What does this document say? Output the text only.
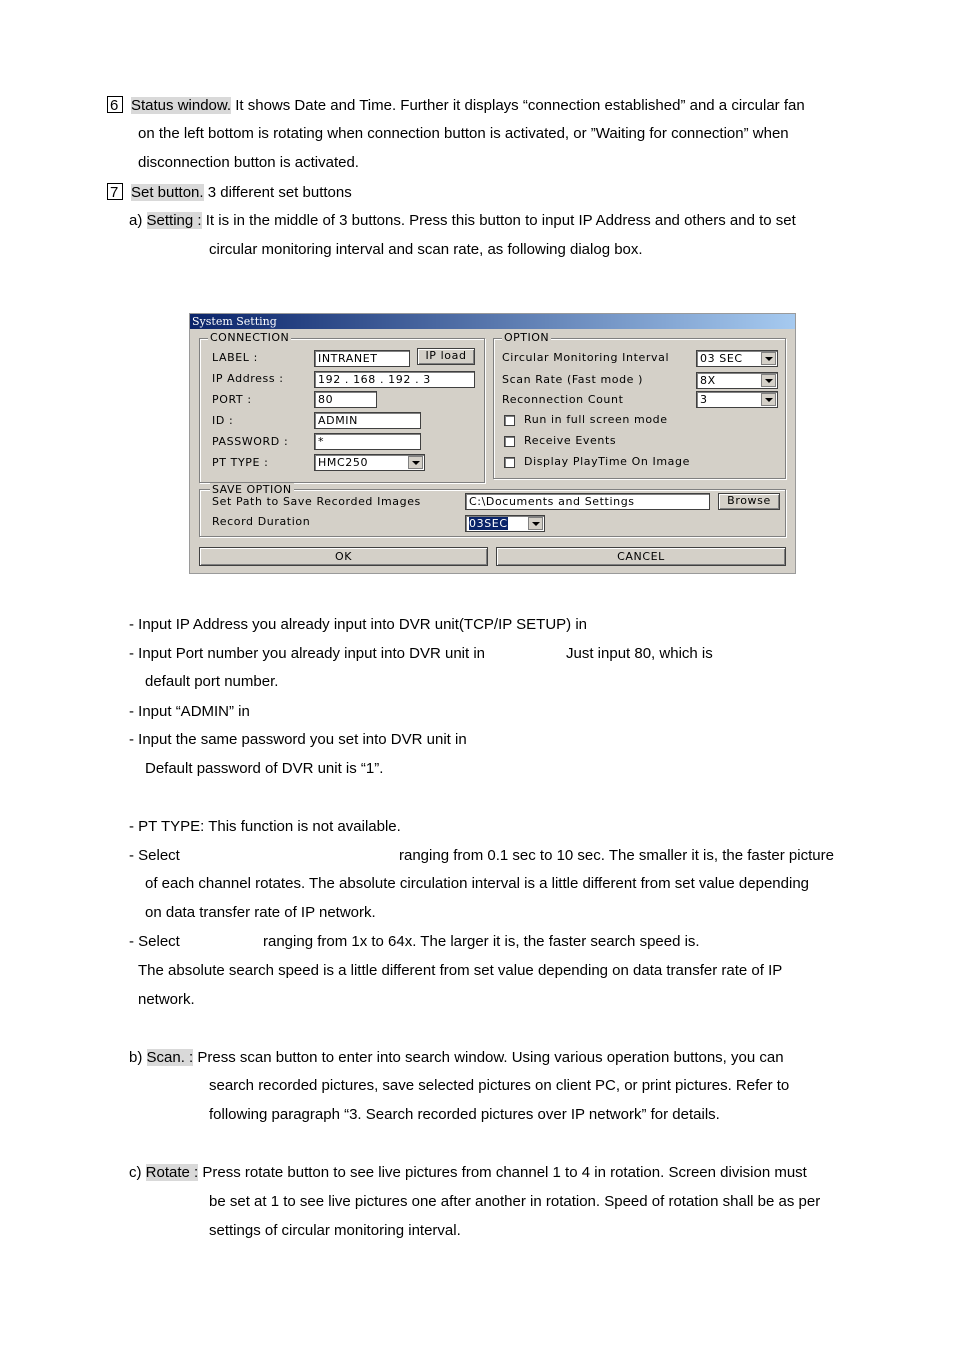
6 Status window. It shows Date and Time. Further it displays “connection established” and a circular fan
on the left bottom is rotating when connection button is activated, or ”Waiting for connection” when
disconnection button is activated.
7 Set button. 3 different set buttons
a) Setting : It is in the middle of 3 buttons. Press this button to input IP Address and others and to set
circular monitoring interval and scan rate, as following dialog box.
System Setting
CONNECTION
LABEL :	INTRANET	IP load
IP Address :	192 . 168 . 192 . 3
PORT :	80
ID :	ADMIN
PASSWORD :	*
PT TYPE :	HMC250
OPTION
Circular Monitoring Interval	03 SEC
Scan Rate (Fast mode )	8X
Reconnection Count	3
Run in full screen mode
Receive Events
Display PlayTime On Image
SAVE OPTION
Set Path to Save Recorded Images	C:\Documents and Settings	Browse
Record Duration	03SEC
OK	CANCEL
- Input IP Address you already input into DVR unit(TCP/IP SETUP) in
- Input Port number you already input into DVR unit in	Just input 80, which is
default port number.
- Input “ADMIN” in
- Input the same password you set into DVR unit in
Default password of DVR unit is “1”.
- PT TYPE: This function is not available.
- Select	ranging from 0.1 sec to 10 sec. The smaller it is, the faster picture
of each channel rotates. The absolute circulation interval is a little different from set value depending
on data transfer rate of IP network.
- Select	ranging from 1x to 64x. The larger it is, the faster search speed is.
The absolute search speed is a little different from set value depending on data transfer rate of IP
network.
b) Scan. : Press scan button to enter into search window. Using various operation buttons, you can
search recorded pictures, save selected pictures on client PC, or print pictures. Refer to
following paragraph “3. Search recorded pictures over IP network” for details.
c) Rotate : Press rotate button to see live pictures from channel 1 to 4 in rotation. Screen division must
be set at 1 to see live pictures one after another in rotation. Speed of rotation shall be as per
settings of circular monitoring interval.
